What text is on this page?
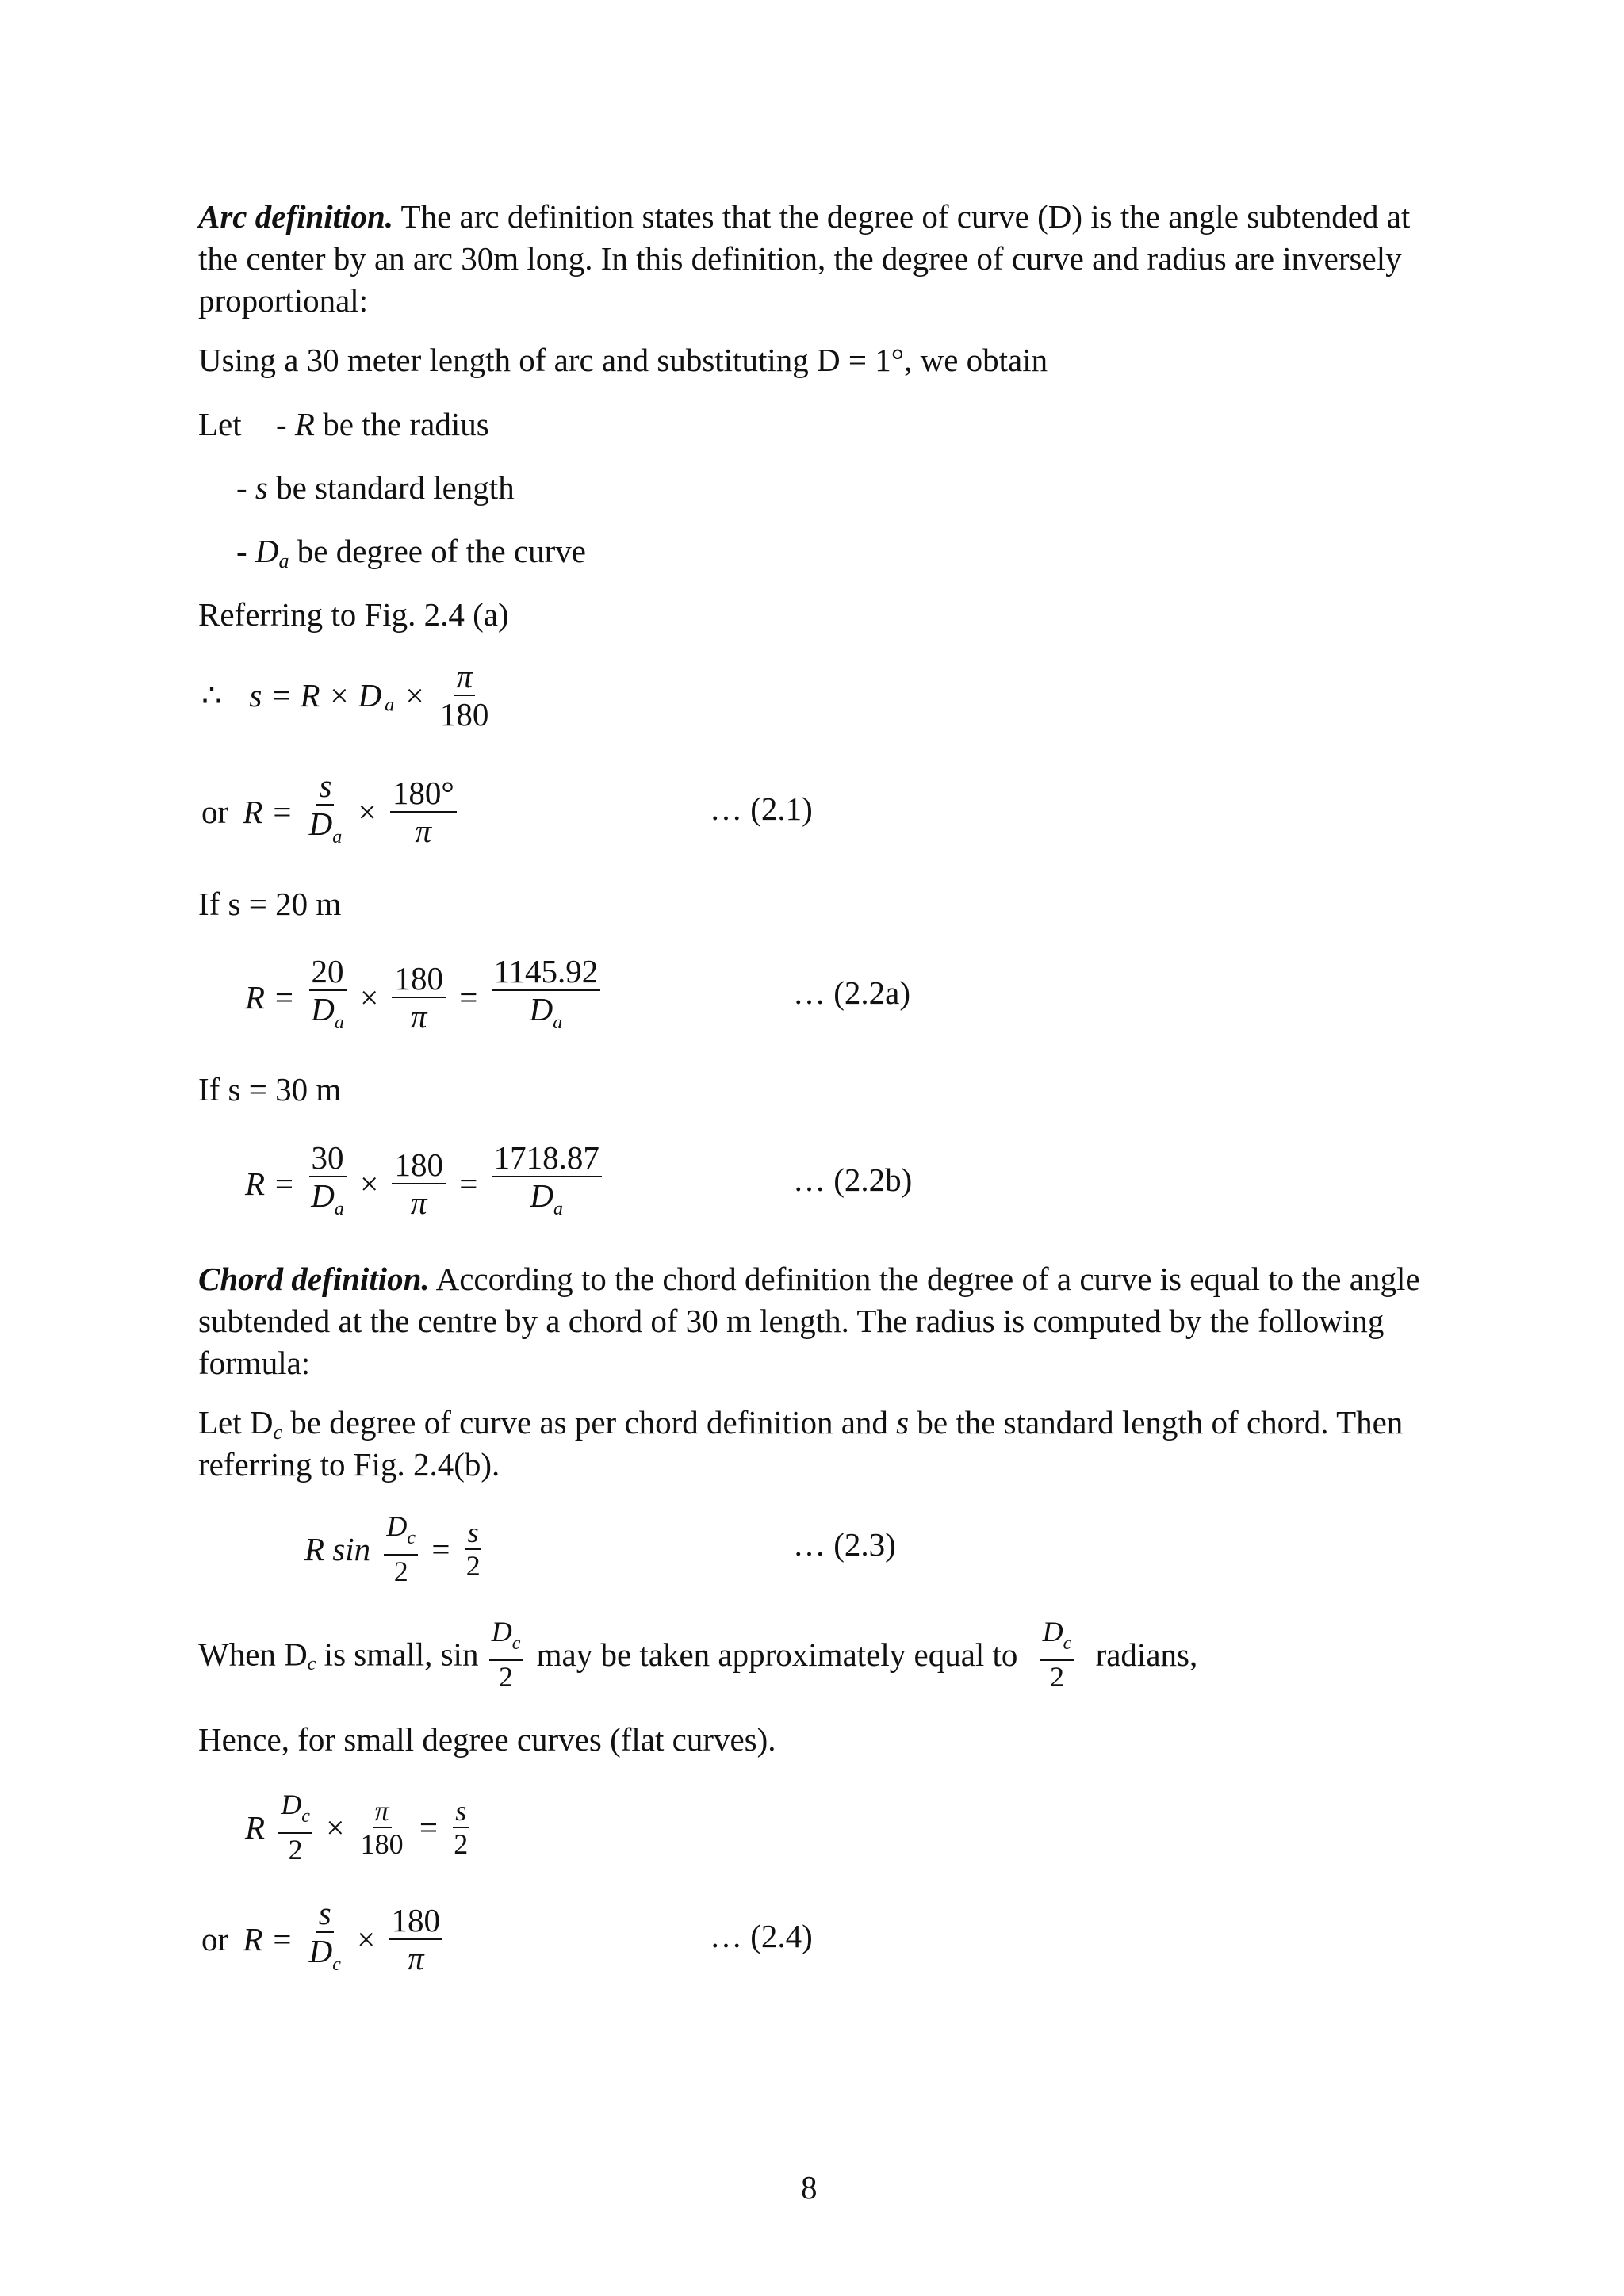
Arc definition. The arc definition states that the degree of curve (D) is the angle subtended at the center by an arc 30m long. In this definition, the degree of curve and radius are inversely proportional:
Using a 30 meter length of arc and substituting D = 1°, we obtain
Let - R be the radius
- s be standard length
- $D_a$ be degree of the curve
Referring to Fig. 2.4 (a)
∴ s = R × D $_a \times \frac{\pi}{180}$
or $R = \frac{s}{D_a} \times \frac{180^\circ}{\pi}$	… (2.1)
If s = 20 m
$R = \frac{20}{D_a} \times \frac{180}{\pi} = \frac{1145.92}{D_a}$	… (2.2a)
If s = 30 m
$R = \frac{30}{D_a} \times \frac{180}{\pi} = \frac{1718.87}{D_a}$	… (2.2b)
Chord definition. According to the chord definition the degree of a curve is equal to the angle subtended at the centre by a chord of 30 m length. The radius is computed by the following formula:
Let $D_c$ be degree of curve as per chord definition and s be the standard length of chord. Then referring to Fig. 2.4(b).
R $\sin \frac{D_c}{2} = \frac{s}{2}$	… (2.3)
When $D_c$ is small, $\sin \frac{D_c}{2}$ may be taken approximately equal to $\frac{D_c}{2}$ radians,
Hence, for small degree curves (flat curves).
R $\frac{D_c}{2} \times \frac{\pi}{180} = \frac{s}{2}$
or $R = \frac{s}{D_c} \times \frac{180}{\pi}$	… (2.4)
8
